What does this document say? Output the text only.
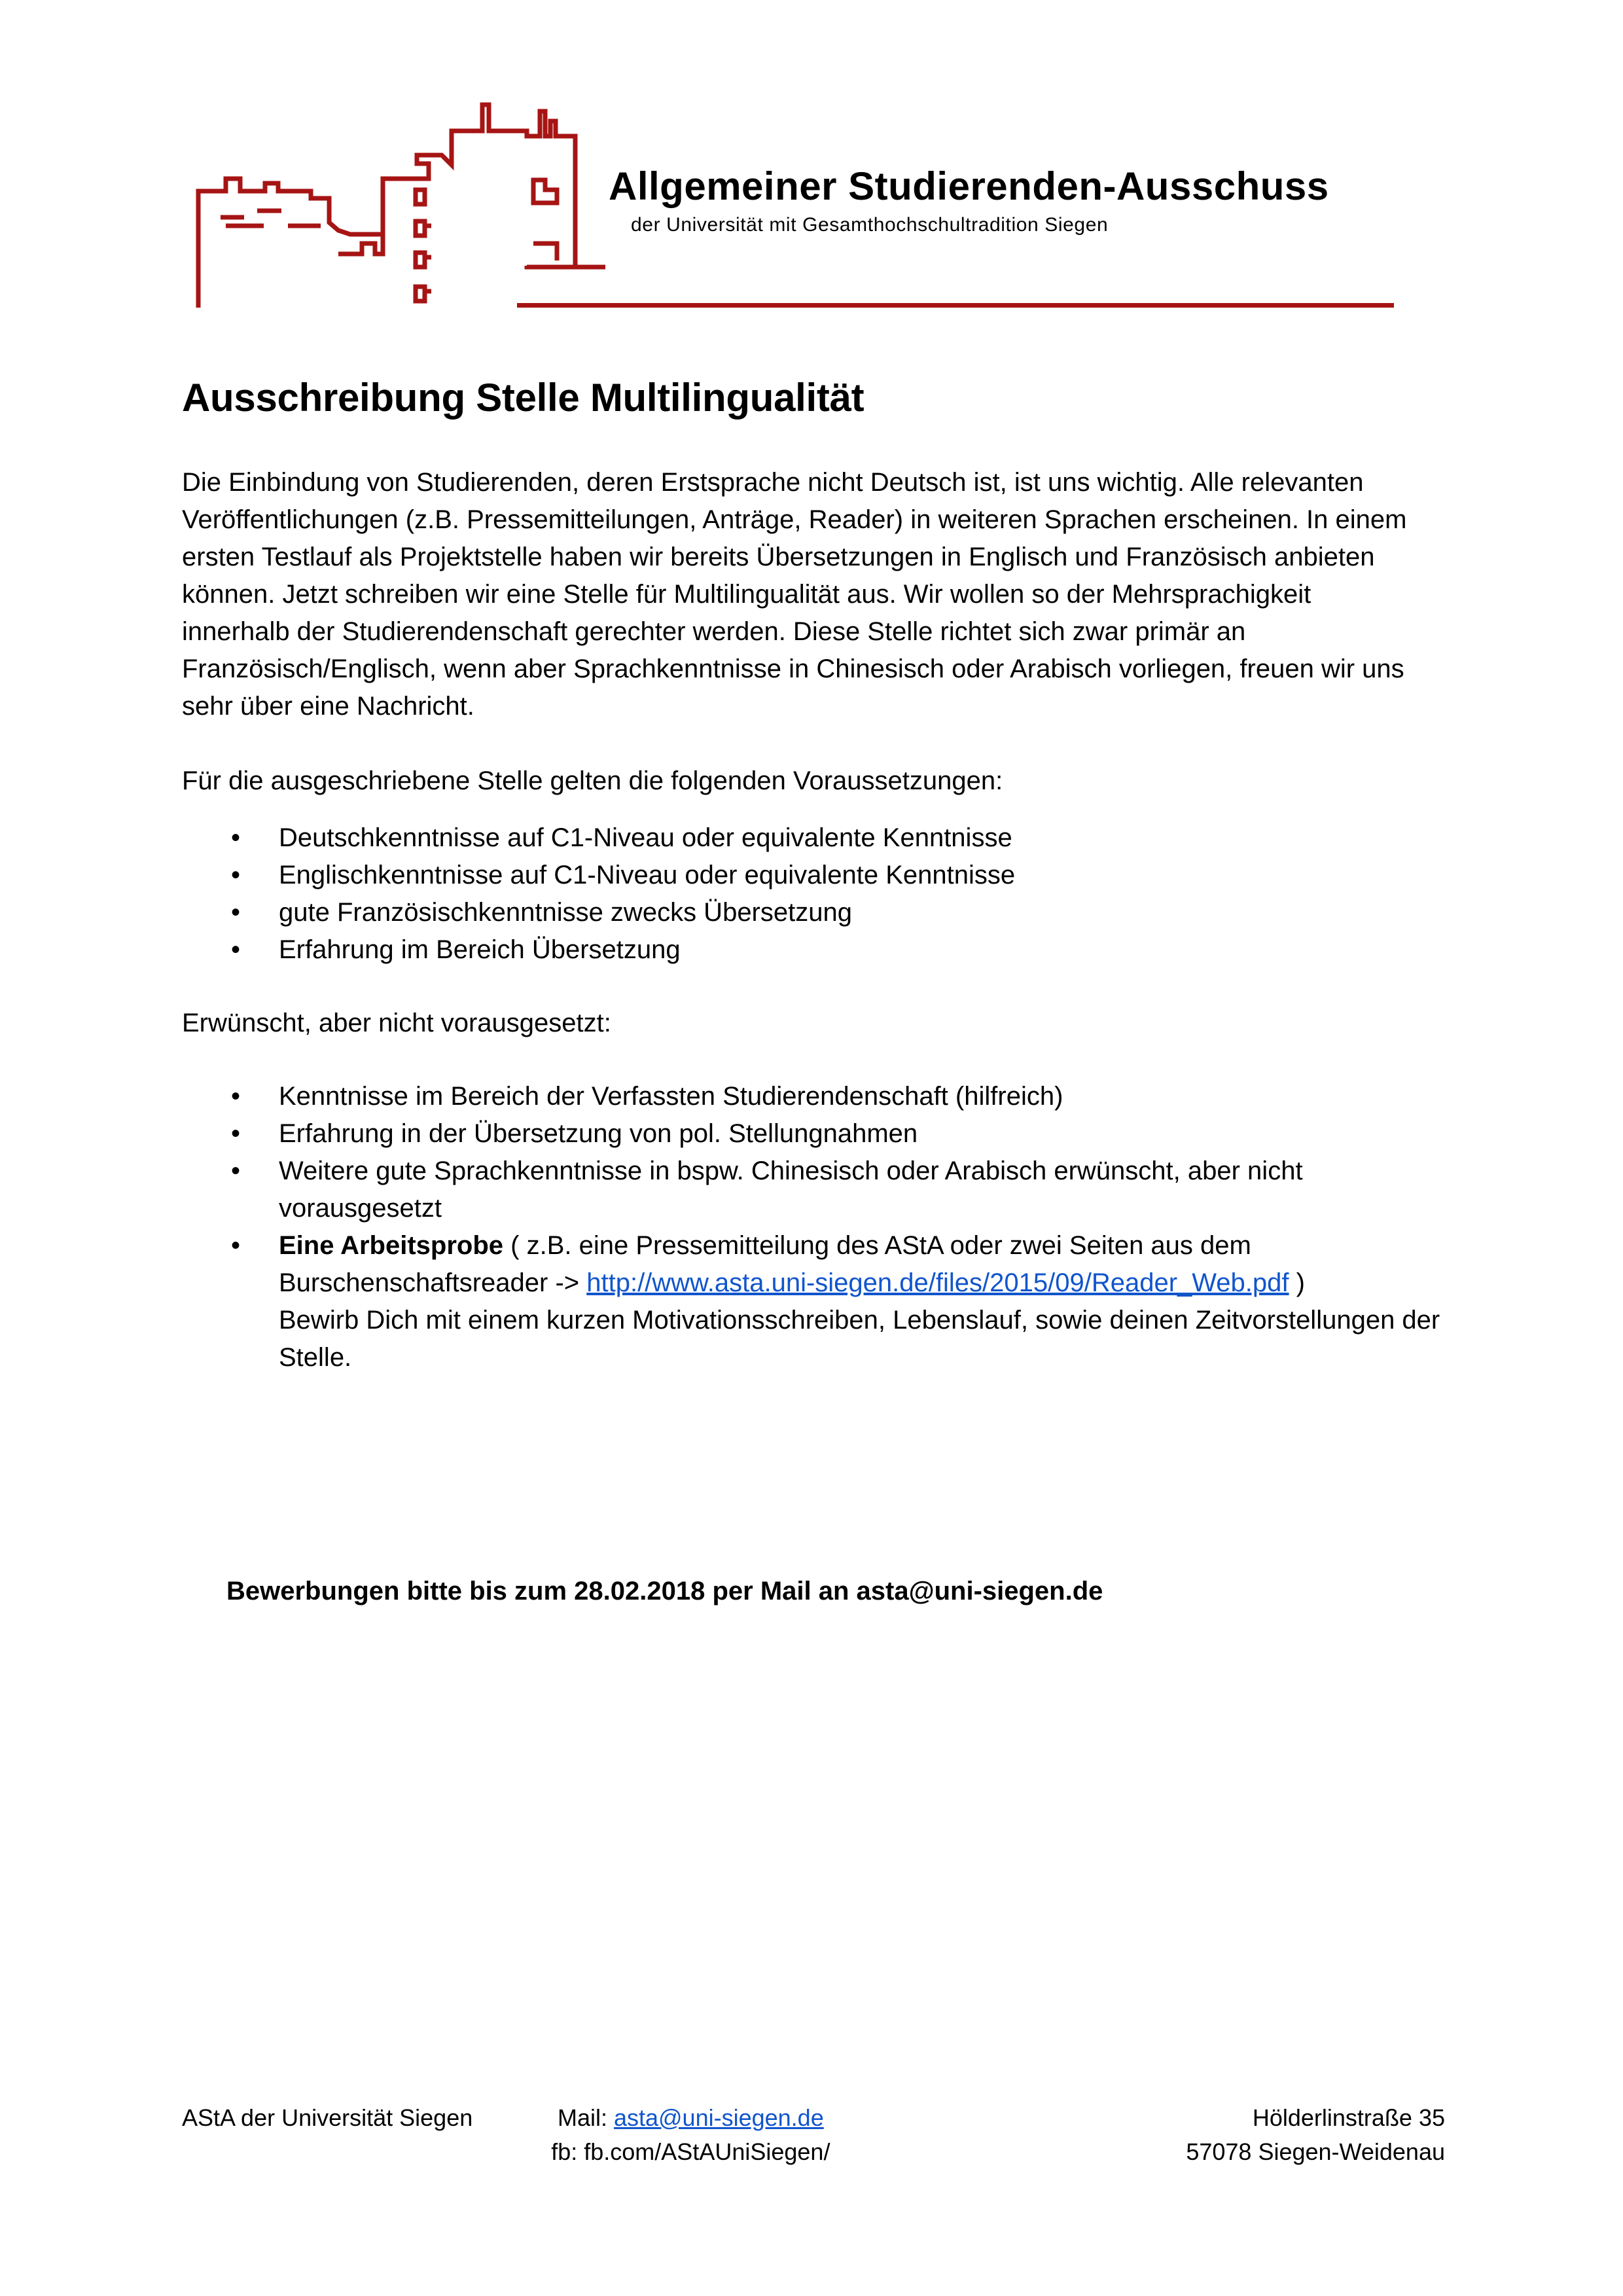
Allgemeiner Studierenden-Ausschuss
der Universität mit Gesamthochschultradition Siegen
Ausschreibung Stelle Multilingualität

Die Einbindung von Studierenden, deren Erstsprache nicht Deutsch ist, ist uns wichtig. Alle relevanten Veröffentlichungen (z.B. Pressemitteilungen, Anträge, Reader) in weiteren Sprachen erscheinen. In einem ersten Testlauf als Projektstelle haben wir bereits Übersetzungen in Englisch und Französisch anbieten können. Jetzt schreiben wir eine Stelle für Multilingualität aus. Wir wollen so der Mehrsprachigkeit innerhalb der Studierendenschaft gerechter werden. Diese Stelle richtet sich zwar primär an Französisch/Englisch, wenn aber Sprachkenntnisse in Chinesisch oder Arabisch vorliegen, freuen wir uns sehr über eine Nachricht.

Für die ausgeschriebene Stelle gelten die folgenden Voraussetzungen:

• Deutschkenntnisse auf C1-Niveau oder equivalente Kenntnisse
• Englischkenntnisse auf C1-Niveau oder equivalente Kenntnisse
• gute Französischkenntnisse zwecks Übersetzung
• Erfahrung im Bereich Übersetzung

Erwünscht, aber nicht vorausgesetzt:

• Kenntnisse im Bereich der Verfassten Studierendenschaft (hilfreich)
• Erfahrung in der Übersetzung von pol. Stellungnahmen
• Weitere gute Sprachkenntnisse in bspw. Chinesisch oder Arabisch erwünscht, aber nicht vorausgesetzt
• Eine Arbeitsprobe ( z.B. eine Pressemitteilung des AStA oder zwei Seiten aus dem Burschenschaftsreader -> http://www.asta.uni-siegen.de/files/2015/09/Reader_Web.pdf )
Bewirb Dich mit einem kurzen Motivationsschreiben, Lebenslauf, sowie deinen Zeitvorstellungen der Stelle.

Bewerbungen bitte bis zum 28.02.2018 per Mail an asta@uni-siegen.de

AStA der Universität Siegen	Mail: asta@uni-siegen.de
fb: fb.com/AStAUniSiegen/
Hölderlinstraße 35
57078 Siegen-Weidenau
